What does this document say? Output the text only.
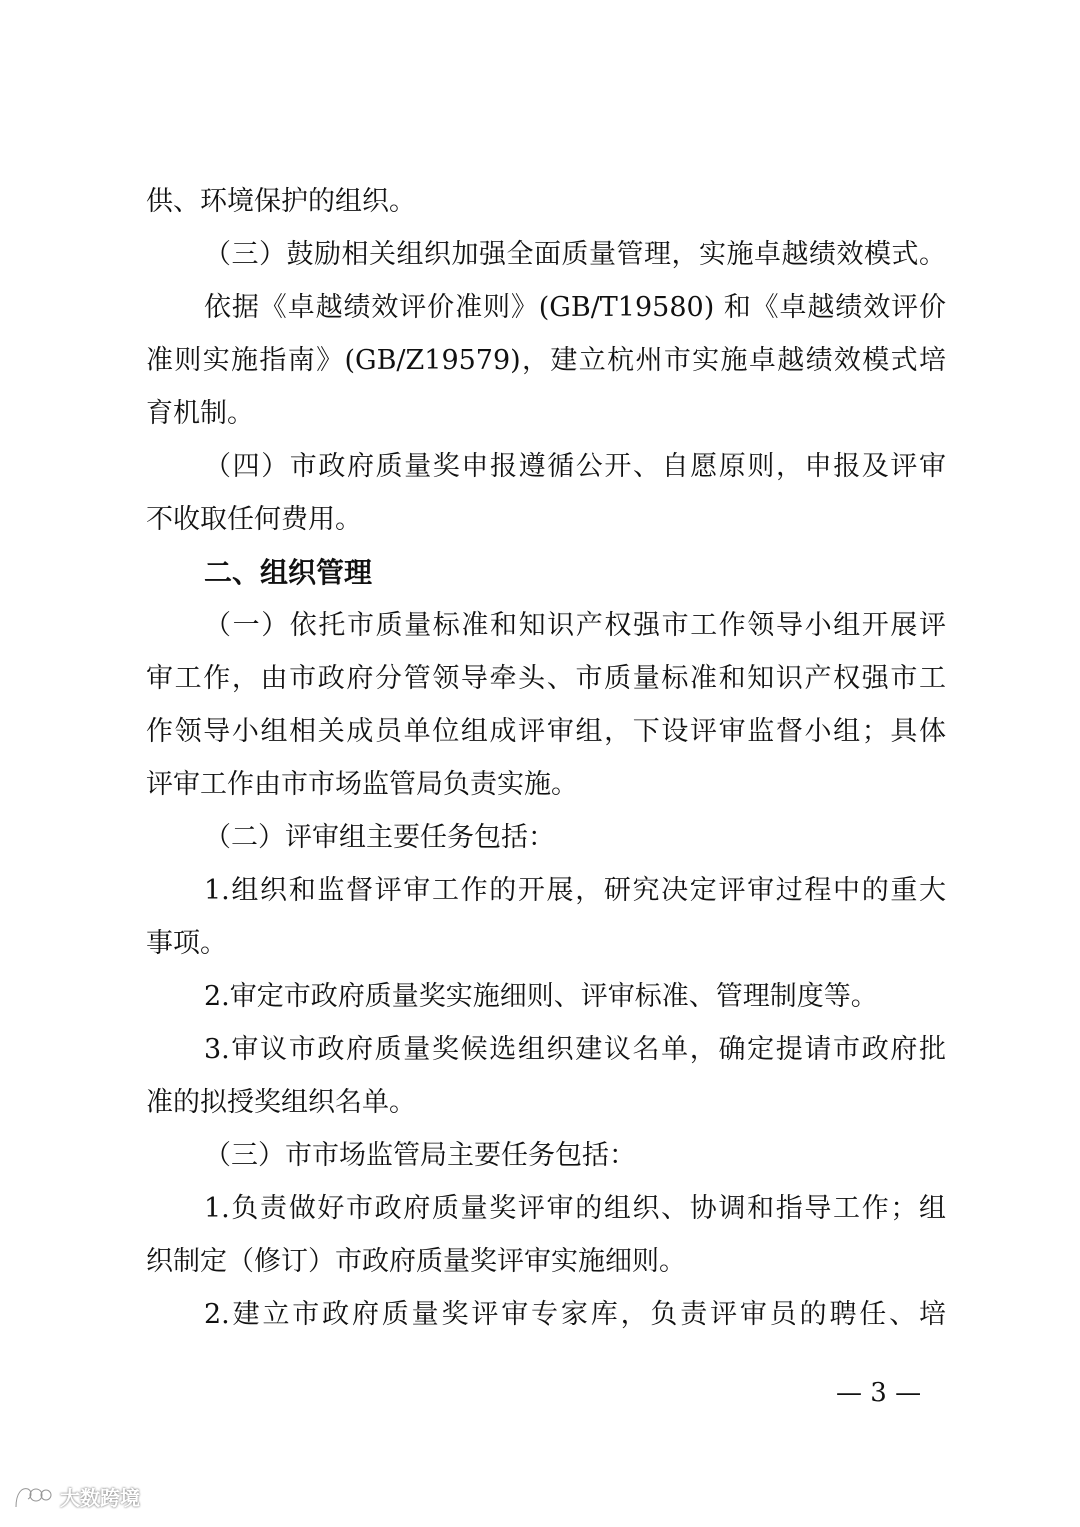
供、环境保护的组织。

（三）鼓励相关组织加强全面质量管理，实施卓越绩效模式。

依据《卓越绩效评价准则》(GB/T19580) 和《卓越绩效评价

准则实施指南》(GB/Z19579)，建立杭州市实施卓越绩效模式培

育机制。

（四）市政府质量奖申报遵循公开、自愿原则，申报及评审

不收取任何费用。

二、组织管理

（一）依托市质量标准和知识产权强市工作领导小组开展评

审工作，由市政府分管领导牵头、市质量标准和知识产权强市工

作领导小组相关成员单位组成评审组，下设评审监督小组；具体

评审工作由市市场监管局负责实施。

（二）评审组主要任务包括：

1.组织和监督评审工作的开展，研究决定评审过程中的重大

事项。

2.审定市政府质量奖实施细则、评审标准、管理制度等。

3.审议市政府质量奖候选组织建议名单，确定提请市政府批

准的拟授奖组织名单。

（三）市市场监管局主要任务包括：

1.负责做好市政府质量奖评审的组织、协调和指导工作；组

织制定（修订）市政府质量奖评审实施细则。

2.建立市政府质量奖评审专家库，负责评审员的聘任、培

— 3 —

大数跨境
